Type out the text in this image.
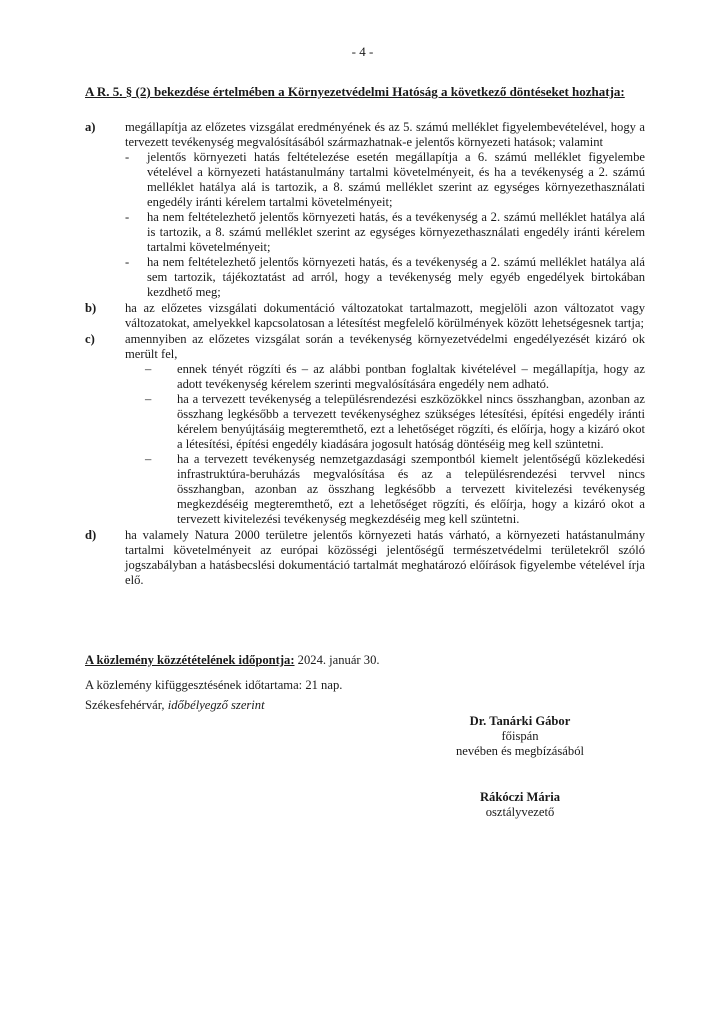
- 4 -
A R. 5. § (2) bekezdése értelmében a Környezetvédelmi Hatóság a következő döntéseket hozhatja:
a) megállapítja az előzetes vizsgálat eredményének és az 5. számú melléklet figyelembevételével, hogy a tervezett tevékenység megvalósításából származhatnak-e jelentős környezeti hatások; valamint
- jelentős környezeti hatás feltételezése esetén megállapítja a 6. számú melléklet figyelembe vételével a környezeti hatástanulmány tartalmi követelményeit, és ha a tevékenység a 2. számú melléklet hatálya alá is tartozik, a 8. számú melléklet szerint az egységes környezethasználati engedély iránti kérelem tartalmi követelményeit;
- ha nem feltételezhető jelentős környezeti hatás, és a tevékenység a 2. számú melléklet hatálya alá is tartozik, a 8. számú melléklet szerint az egységes környezethasználati engedély iránti kérelem tartalmi követelményeit;
- ha nem feltételezhető jelentős környezeti hatás, és a tevékenység a 2. számú melléklet hatálya alá sem tartozik, tájékoztatást ad arról, hogy a tevékenység mely egyéb engedélyek birtokában kezdhető meg;
b) ha az előzetes vizsgálati dokumentáció változatokat tartalmazott, megjelöli azon változatot vagy változatokat, amelyekkel kapcsolatosan a létesítést megfelelő körülmények között lehetségesnek tartja;
c) amennyiben az előzetes vizsgálat során a tevékenység környezetvédelmi engedélyezését kizáró ok merült fel,
– ennek tényét rögzíti és – az alábbi pontban foglaltak kivételével – megállapítja, hogy az adott tevékenység kérelem szerinti megvalósítására engedély nem adható.
– ha a tervezett tevékenység a településrendezési eszközökkel nincs összhangban, azonban az összhang legkésőbb a tervezett tevékenységhez szükséges létesítési, építési engedély iránti kérelem benyújtásáig megteremthető, ezt a lehetőséget rögzíti, és előírja, hogy a kizáró okot a létesítési, építési engedély kiadására jogosult hatóság döntéséig meg kell szüntetni.
– ha a tervezett tevékenység nemzetgazdasági szempontból kiemelt jelentőségű közlekedési infrastruktúra-beruházás megvalósítása és az a településrendezési tervvel nincs összhangban, azonban az összhang legkésőbb a tervezett kivitelezési tevékenység megkezdéséig megteremthető, ezt a lehetőséget rögzíti, és előírja, hogy a kizáró okot a tervezett kivitelezési tevékenység megkezdéséig meg kell szüntetni.
d) ha valamely Natura 2000 területre jelentős környezeti hatás várható, a környezeti hatástanulmány tartalmi követelményeit az európai közösségi jelentőségű természetvédelmi területekről szóló jogszabályban a hatásbecslési dokumentáció tartalmát meghatározó előírások figyelembe vételével írja elő.
A közlemény közzétételének időpontja: 2024. január 30.
A közlemény kifüggesztésének időtartama: 21 nap.
Székesfehérvár, időbélyegző szerint
Dr. Tanárki Gábor
főispán
nevében és megbízásából
Rákóczi Mária
osztályvezető
